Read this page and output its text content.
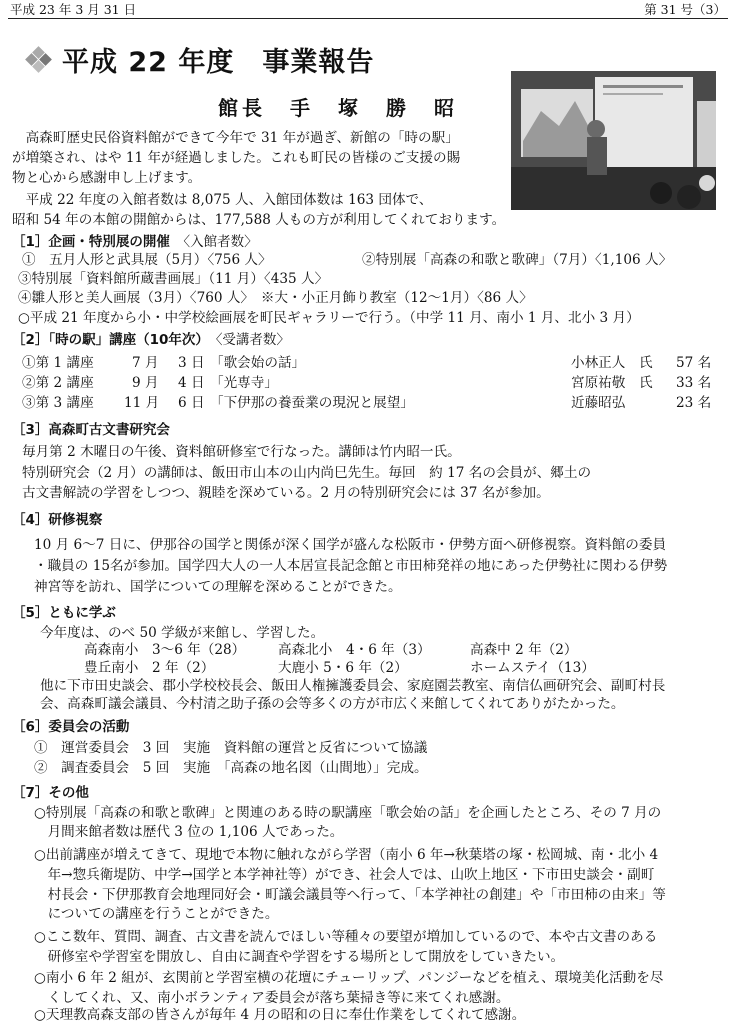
平成 23 年 3 月 31 日	第 31 号（3）
平成 22 年度　事業報告
館長　手　塚　勝　昭
　高森町歴史民俗資料館ができて今年で 31 年が過ぎ、新館の「時の駅」
が増築され、はや 11 年が経過しました。これも町民の皆様のご支援の賜
物と心から感謝申し上げます。
　平成 22 年度の入館者数は 8,075 人、入館団体数は 163 団体で、
昭和 54 年の本館の開館からは、177,588 人もの方が利用してくれております。
［1］企画・特別展の開催　 〈入館者数〉
①　五月人形と武具展（5月）〈756 人〉	②特別展「高森の和歌と歌碑」（7月）〈1,106 人〉
③特別展「資料館所蔵書画展」（11 月）〈435 人〉
④雛人形と美人画展（3月）〈760 人〉　※大・小正月飾り教室（12～1月）〈86 人〉
○平成 21 年度から小・中学校絵画展を町民ギャラリーで行う。（中学 11 月、南小 1 月、北小 3 月）
［2］「時の駅」講座（10年次）　 〈受講者数〉
①第 1 講座	7 月 3 日 「歌会始の話」	小林正人　氏 57 名
②第 2 講座	9 月 4 日 「光専寺」	宮原祐敬　氏 33 名
③第 3 講座 11 月 6 日 「下伊那の養蚕業の現況と展望」	近藤昭弘	23 名
［3］高森町古文書研究会
毎月第 2 木曜日の午後、資料館研修室で行なった。講師は竹内昭一氏。
特別研究会（2 月）の講師は、飯田市山本の山内尚巳先生。毎回　約 17 名の会員が、郷土の
古文書解読の学習をしつつ、親睦を深めている。2 月の特別研究会には 37 名が参加。
［4］研修視察
10 月 6～7 日に、伊那谷の国学と関係が深く国学が盛んな松阪市・伊勢方面へ研修視察。資料館の委員
・職員の 15名が参加。国学四大人の一人本居宣長記念館と市田柿発祥の地にあった伊勢社に関わる伊勢
神宮等を訪れ、国学についての理解を深めることができた。
［5］ともに学ぶ
今年度は、のべ 50 学級が来館し、学習した。
高森南小　3～6 年（28） 高森北小　4・6 年（3）	高森中 2 年（2）
豊丘南小　2 年（2）	大鹿小 5・6 年（2）	ホームステイ（13）
他に下市田史談会、郡小学校校長会、飯田人権擁護委員会、家庭園芸教室、南信仏画研究会、副町村長
会、高森町議会議員、今村清之助子孫の会等多くの方が市広く来館してくれてありがたかった。
［6］委員会の活動
①　運営委員会　3 回　実施　資料館の運営と反省について協議
②　調査委員会　5 回　実施　「高森の地名図（山間地）」完成。
［7］その他
○特別展「高森の和歌と歌碑」と関連のある時の駅講座「歌会始の話」を企画したところ、その 7 月の
　月間来館者数は歴代 3 位の 1,106 人であった。
○出前講座が増えてきて、現地で本物に触れながら学習（南小 6 年→秋葉塔の塚・松岡城、南・北小 4
　年→惣兵衛堤防、中学→国学と本学神社等）ができ、社会人では、山吹上地区・下市田史談会・副町
　村長会・下伊那教育会地理同好会・町議会議員等へ行って、「本学神社の創建」や「市田柿の由来」等
　についての講座を行うことができた。
○ここ数年、質問、調査、古文書を読んでほしい等種々の要望が増加しているので、本や古文書のある
　研修室や学習室を開放し、自由に調査や学習をする場所として開放をしていきたい。
○南小 6 年 2 組が、玄関前と学習室横の花壇にチューリップ、パンジーなどを植え、環境美化活動を尽
　くしてくれ、又、南小ボランティア委員会が落ち葉掃き等に来てくれ感謝。
○天理教高森支部の皆さんが毎年 4 月の昭和の日に奉仕作業をしてくれて感謝。
